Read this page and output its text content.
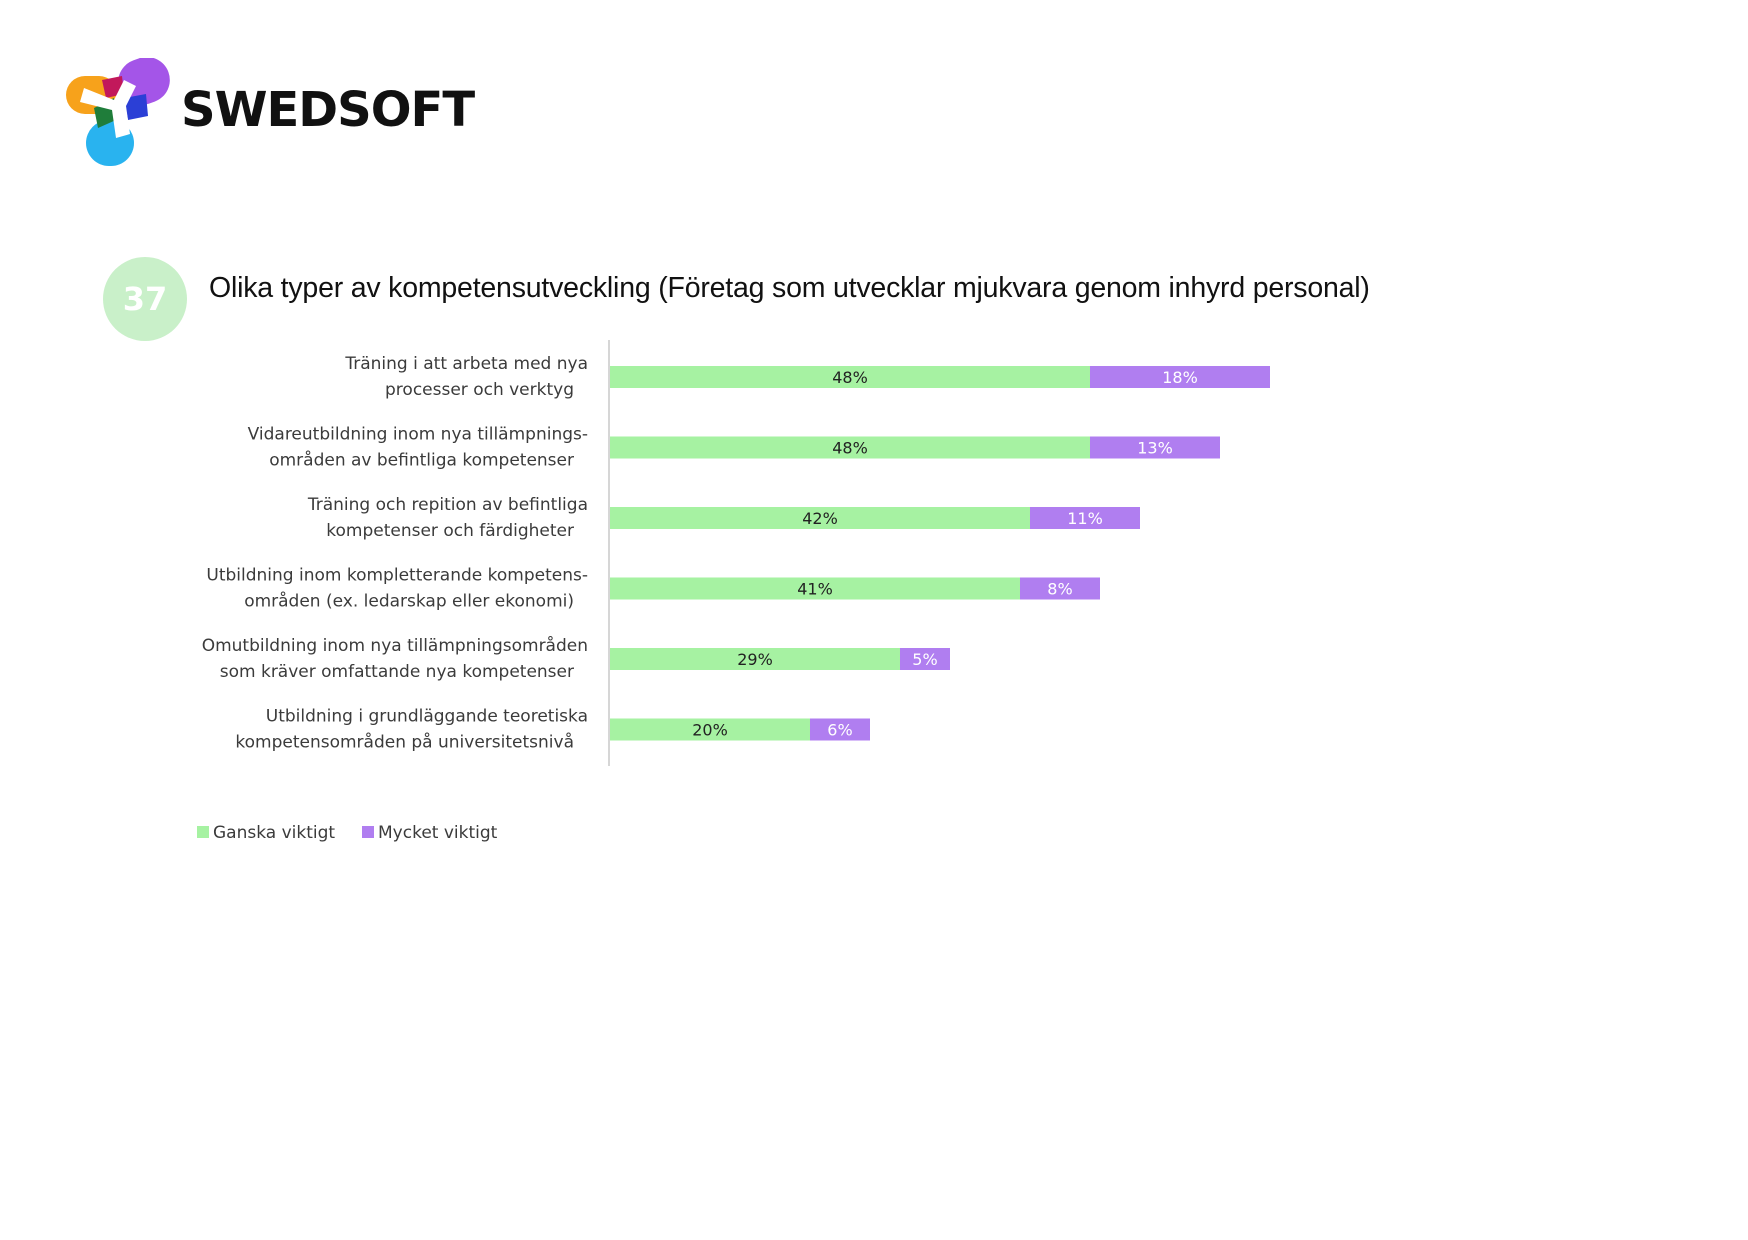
SWEDSOFT
37 Olika typer av kompetensutveckling (Företag som utvecklar mjukvara genom inhyrd personal)
Träning i att arbeta med nya processer och verktyg
48%	18%
Vidareutbildning inom nya tillämpnings-områden av befintliga kompetenser
48%	13%
Träning och repition av befintliga kompetenser och färdigheter
42%	11%
Utbildning inom kompletterande kompetens-områden (ex. ledarskap eller ekonomi)
41%	8%
Omutbildning inom nya tillämpningsområden som kräver omfattande nya kompetenser
29%	5%
Utbildning i grundläggande teoretiska kompetensområden på universitetsnivå
20%	6%
Ganska viktigt	Mycket viktigt
